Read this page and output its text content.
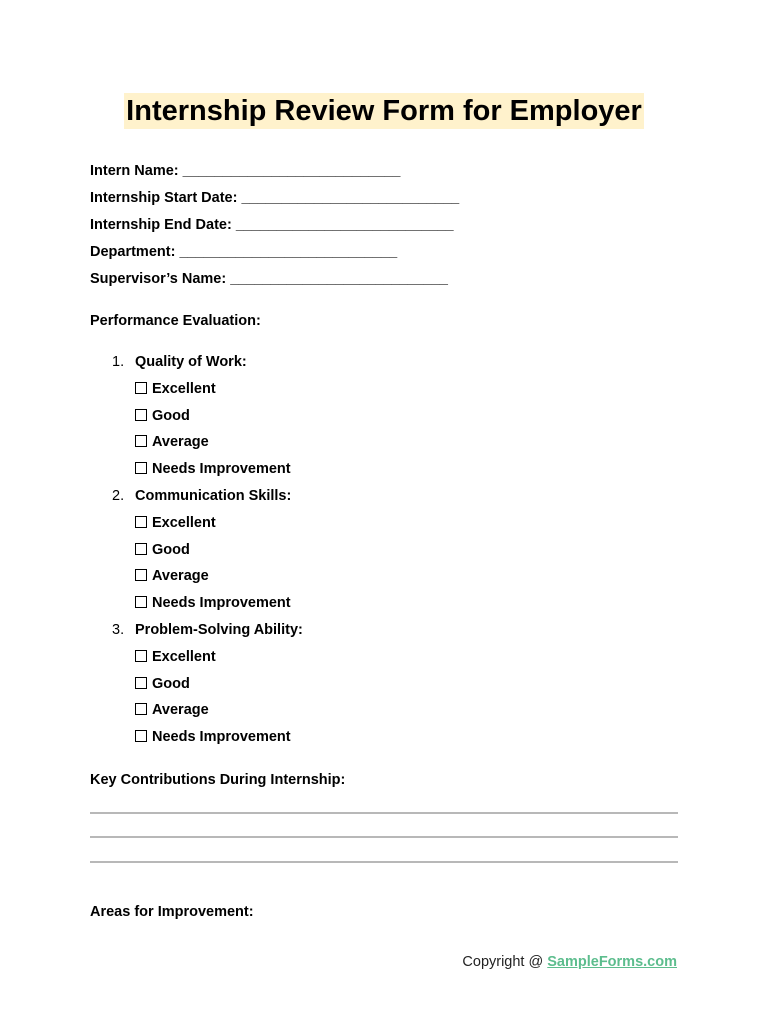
Internship Review Form for Employer
Intern Name: ___________________________
Internship Start Date: ___________________________
Internship End Date: ___________________________
Department: ___________________________
Supervisor’s Name: ___________________________
Performance Evaluation:
1. Quality of Work:
Excellent
Good
Average
Needs Improvement
2. Communication Skills:
Excellent
Good
Average
Needs Improvement
3. Problem-Solving Ability:
Excellent
Good
Average
Needs Improvement
Key Contributions During Internship:
Areas for Improvement:
Copyright @ SampleForms.com
